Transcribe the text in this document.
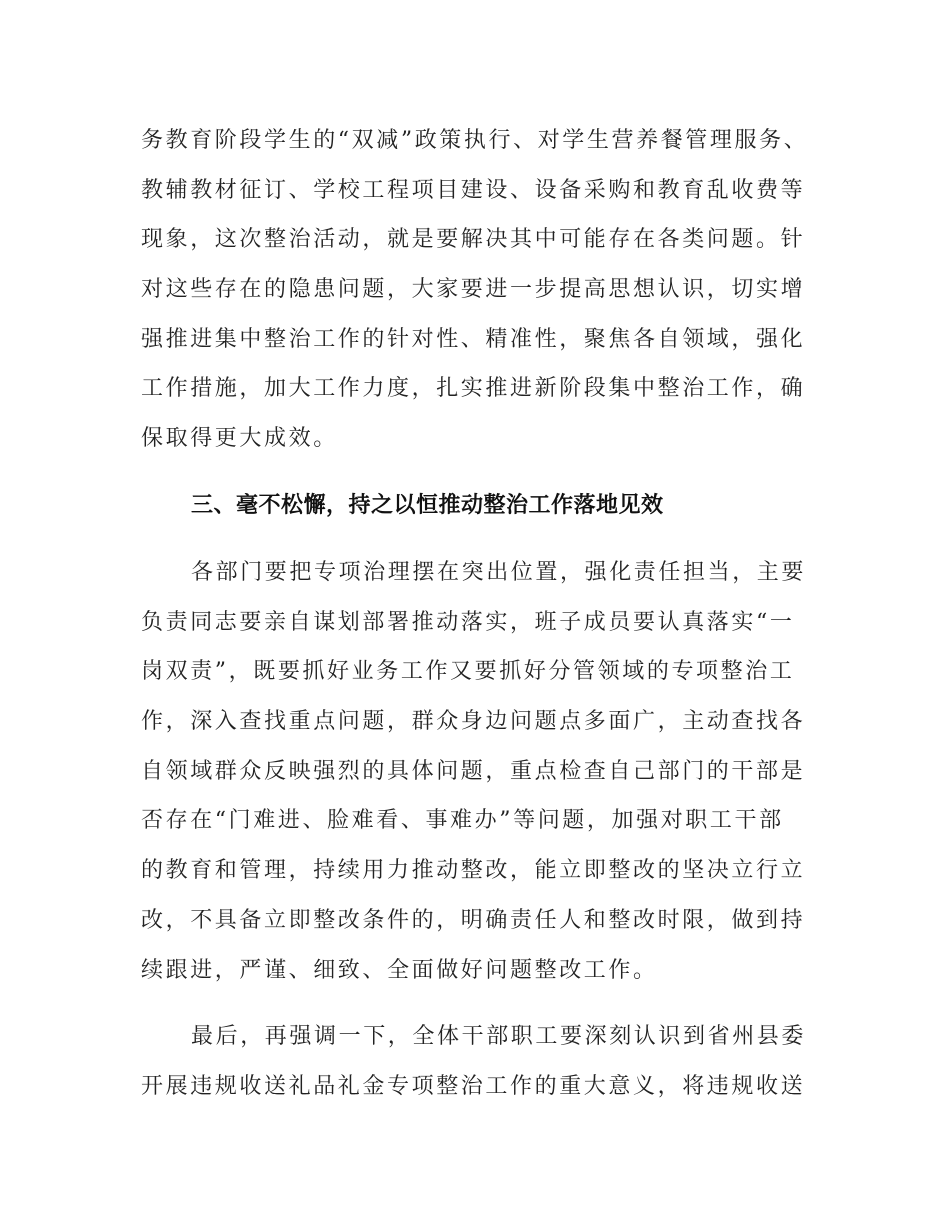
务教育阶段学生的“双减”政策执行、对学生营养餐管理服务、
教辅教材征订、学校工程项目建设、设备采购和教育乱收费等
现象，这次整治活动，就是要解决其中可能存在各类问题。针
对这些存在的隐患问题，大家要进一步提高思想认识，切实增
强推进集中整治工作的针对性、精准性，聚焦各自领域，强化
工作措施，加大工作力度，扎实推进新阶段集中整治工作，确
保取得更大成效。
三、毫不松懈，持之以恒推动整治工作落地见效
各部门要把专项治理摆在突出位置，强化责任担当，主要
负责同志要亲自谋划部署推动落实，班子成员要认真落实“一
岗双责”，既要抓好业务工作又要抓好分管领域的专项整治工
作，深入查找重点问题，群众身边问题点多面广，主动查找各
自领域群众反映强烈的具体问题，重点检查自己部门的干部是
否存在“门难进、脸难看、事难办”等问题，加强对职工干部
的教育和管理，持续用力推动整改，能立即整改的坚决立行立
改，不具备立即整改条件的，明确责任人和整改时限，做到持
续跟进，严谨、细致、全面做好问题整改工作。
最后，再强调一下，全体干部职工要深刻认识到省州县委
开展违规收送礼品礼金专项整治工作的重大意义，将违规收送
